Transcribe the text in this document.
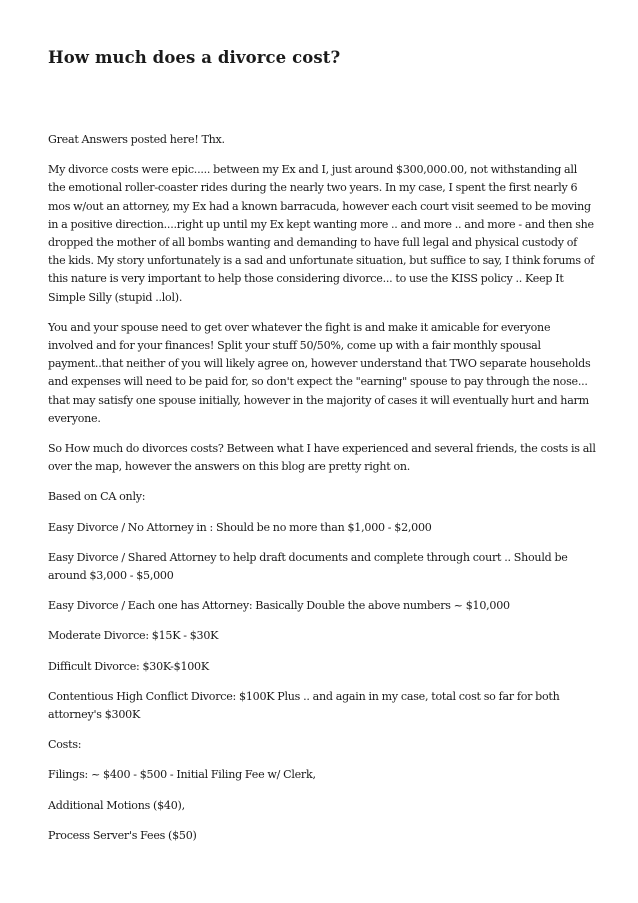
How much does a divorce cost?

Great Answers posted here! Thx.

My divorce costs were epic..... between my Ex and I, just around $300,000.00, not withstanding all the emotional roller-coaster rides during the nearly two years. In my case, I spent the first nearly 6 mos w/out an attorney, my Ex had a known barracuda, however each court visit seemed to be moving in a positive direction....right up until my Ex kept wanting more .. and more .. and more - and then she dropped the mother of all bombs wanting and demanding to have full legal and physical custody of the kids. My story unfortunately is a sad and unfortunate situation, but suffice to say, I think forums of this nature is very important to help those considering divorce... to use the KISS policy .. Keep It Simple Silly (stupid ..lol).

You and your spouse need to get over whatever the fight is and make it amicable for everyone involved and for your finances! Split your stuff 50/50%, come up with a fair monthly spousal payment..that neither of you will likely agree on, however understand that TWO separate households and expenses will need to be paid for, so don't expect the "earning" spouse to pay through the nose... that may satisfy one spouse initially, however in the majority of cases it will eventually hurt and harm everyone.

So How much do divorces costs? Between what I have experienced and several friends, the costs is all over the map, however the answers on this blog are pretty right on.

Based on CA only:

Easy Divorce / No Attorney in : Should be no more than $1,000 - $2,000

Easy Divorce / Shared Attorney to help draft documents and complete through court .. Should be around $3,000 - $5,000

Easy Divorce / Each one has Attorney: Basically Double the above numbers ~ $10,000

Moderate Divorce: $15K - $30K

Difficult Divorce: $30K-$100K

Contentious High Conflict Divorce: $100K Plus .. and again in my case, total cost so far for both attorney's $300K

Costs:

Filings: ~ $400 - $500 - Initial Filing Fee w/ Clerk,

Additional Motions ($40),

Process Server's Fees ($50)
